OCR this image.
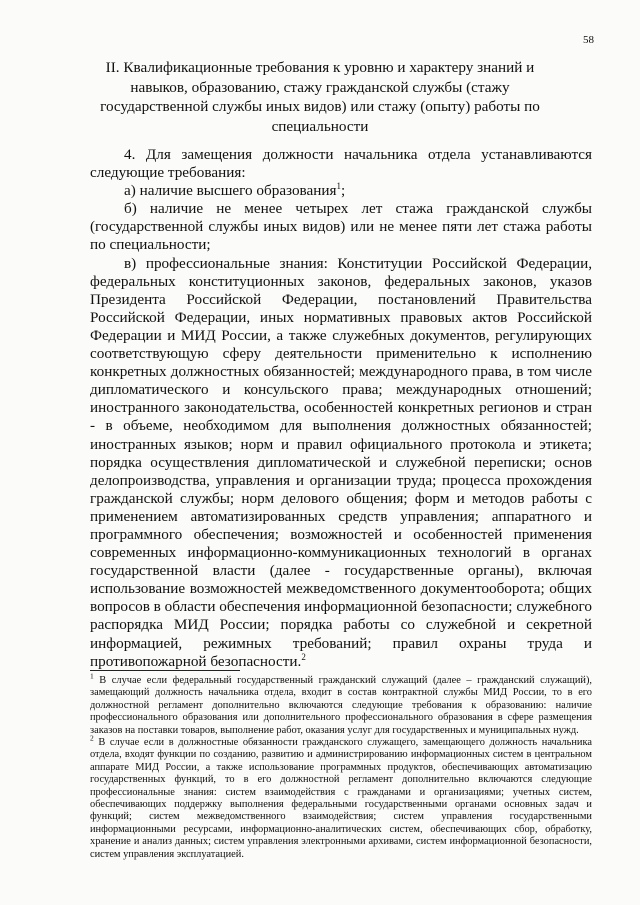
58
II. Квалификационные требования к уровню и характеру знаний и навыков, образованию, стажу гражданской службы (стажу государственной службы иных видов) или стажу (опыту) работы по специальности

4. Для замещения должности начальника отдела устанавливаются следующие требования:

а) наличие высшего образования$^1$;

б) наличие не менее четырех лет стажа гражданской службы (государственной службы иных видов) или не менее пяти лет стажа работы по специальности;

в) профессиональные знания: Конституции Российской Федерации, федеральных конституционных законов, федеральных законов, указов Президента Российской Федерации, постановлений Правительства Российской Федерации, иных нормативных правовых актов Российской Федерации и МИД России, а также служебных документов, регулирующих соответствующую сферу деятельности применительно к исполнению конкретных должностных обязанностей; международного права, в том числе дипломатического и консульского права; международных отношений; иностранного законодательства, особенностей конкретных регионов и стран - в объеме, необходимом для выполнения должностных обязанностей; иностранных языков; норм и правил официального протокола и этикета; порядка осуществления дипломатической и служебной переписки; основ делопроизводства, управления и организации труда; процесса прохождения гражданской службы; норм делового общения; форм и методов работы с применением автоматизированных средств управления; аппаратного и программного обеспечения; возможностей и особенностей применения современных информационно-коммуникационных технологий в органах государственной власти (далее - государственные органы), включая использование возможностей межведомственного документооборота; общих вопросов в области обеспечения информационной безопасности; служебного распорядка МИД России; порядка работы со служебной и секретной информацией, режимных требований; правил охраны труда и противопожарной безопасности.$^2$

$^1$ В случае если федеральный государственный гражданский служащий (далее – гражданский служащий), замещающий должность начальника отдела, входит в состав контрактной службы МИД России, то в его должностной регламент дополнительно включаются следующие требования к образованию: наличие профессионального образования или дополнительного профессионального образования в сфере размещения заказов на поставки товаров, выполнение работ, оказания услуг для государственных и муниципальных нужд.

$^2$ В случае если в должностные обязанности гражданского служащего, замещающего должность начальника отдела, входят функции по созданию, развитию и администрированию информационных систем в центральном аппарате МИД России, а также использование программных продуктов, обеспечивающих автоматизацию государственных функций, то в его должностной регламент дополнительно включаются следующие профессиональные знания: систем взаимодействия с гражданами и организациями; учетных систем, обеспечивающих поддержку выполнения федеральными государственными органами основных задач и функций; систем межведомственного взаимодействия; систем управления государственными информационными ресурсами, информационно-аналитических систем, обеспечивающих сбор, обработку, хранение и анализ данных; систем управления электронными архивами, систем информационной безопасности, систем управления эксплуатацией.
